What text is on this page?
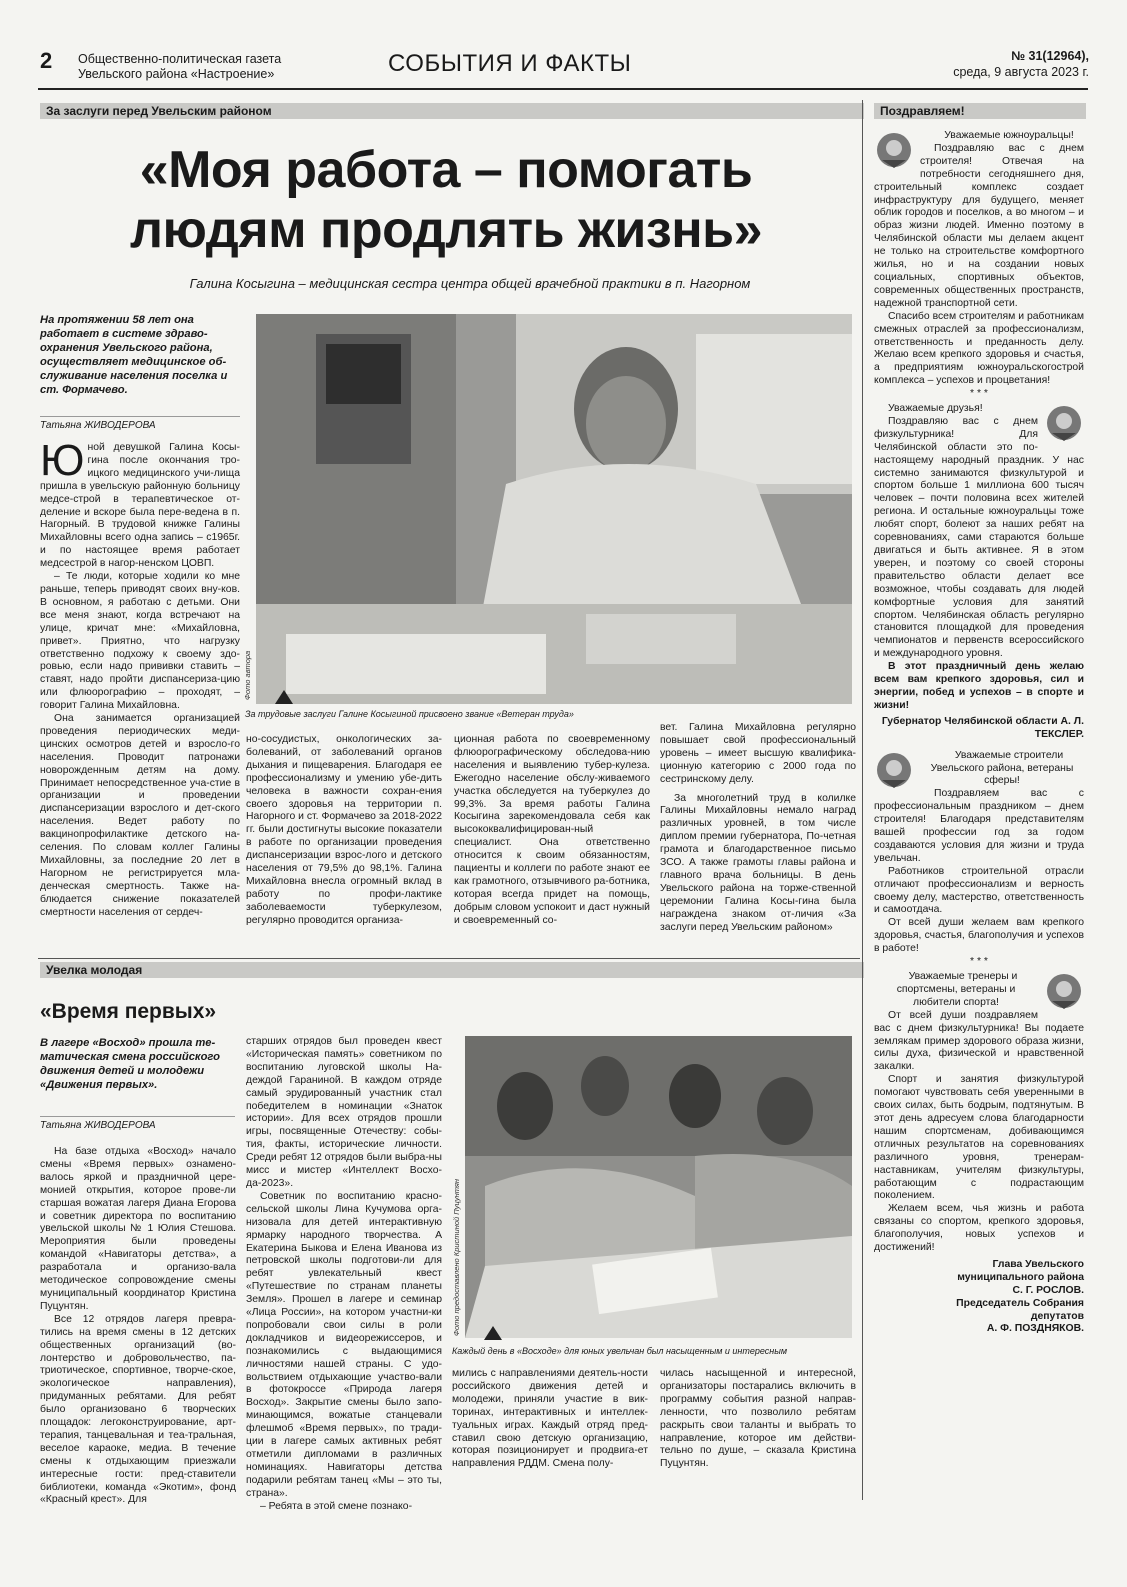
2 Общественно-политическая газета
Увельского района «Настроение»	СОБЫТИЯ И ФАКТЫ	№ 31(12964),
среда, 9 августа 2023 г.
За заслуги перед Увельским районом
«Моя работа – помогать
людям продлять жизнь»
Галина Косыгина – медицинская сестра центра общей врачебной практики в п. Нагорном
На протяжении 58 лет она работает в системе здраво-охранения Увельского района, осуществляет медицинское об-служивание населения поселка и ст. Формачево.
Татьяна ЖИВОДЕРОВА
Фото автора
За трудовые заслуги Галине Косыгиной присвоено звание «Ветеран труда»
Ю ной девушкой Галина Косы-гина после окончания тро-ицкого медицинского учи-лища пришла в увельскую районную больницу медсе-строй в терапевтическое от-деление и вскоре была пере-ведена в п. Нагорный. В трудовой книжке Галины Михайловны всего одна запись – с1965г. и по настоящее время работает медсестрой в нагор-ненском ЦОВП.

– Те люди, которые ходили ко мне раньше, теперь приводят своих вну-ков. В основном, я работаю с детьми. Они все меня знают, когда встречают на улице, кричат мне: «Михайловна, привет». Приятно, что нагрузку ответственно подхожу к своему здо-ровью, если надо прививки ставить – ставят, надо пройти диспансериза-цию или флюорографию – проходят, – говорит Галина Михайловна.

Она занимается организацией проведения периодических меди-цинских осмотров детей и взросло-го населения. Проводит патронажи новорожденным детям на дому. Принимает непосредственное уча-стие в организации и проведении диспансеризации взрослого и дет-ского населения. Ведет работу по вакцинопрофилактике детского на-селения. По словам коллег Галины Михайловны, за последние 20 лет в Нагорном не регистрируется мла-денческая смертность. Также на-блюдается снижение показателей смертности населения от сердеч-

но-сосудистых, онкологических за-болеваний, от заболеваний органов дыхания и пищеварения. Благодаря ее профессионализму и умению убе-дить человека в важности сохран-ения своего здоровья на территории п. Нагорного и ст. Формачево за 2018-2022 гг. были достигнуты высокие показатели в работе по организации проведения диспансеризации взрос-лого и детского населения от 79,5% до 98,1%. Галина Михайловна внесла огромный вклад в работу по профи-лактике заболеваемости туберкулезом, регулярно проводится организа-

ционная работа по своевременному флюорографическому обследова-нию населения и выявлению тубер-кулеза. Ежегодно население обслу-живаемого участка обследуется на туберкулез до 99,3%. За время работы Галина Косыгина зарекомендовала себя как высококвалифицирован-ный специалист. Она ответственно относится к своим обязанностям, пациенты и коллеги по работе знают ее как грамотного, отзывчивого ра-ботника, которая всегда придет на помощь, добрым словом успокоит и даст нужный и своевременный со-

вет. Галина Михайловна регулярно повышает свой профессиональный уровень – имеет высшую квалифика-ционную категорию с 2000 года по сестринскому делу.

За многолетний труд в колилке Галины Михайловны немало наград различных уровней, в том числе диплом премии губернатора, По-четная грамота и благодарственное письмо ЗСО. А также грамоты главы района и главного врача больницы. В день Увельского района на торже-ственной церемонии Галина Косы-гина была награждена знаком от-личия «За заслуги перед Увельским районом»

Увелка молодая
«Время первых»
В лагере «Восход» прошла те-матическая смена российского движения детей и молодежи «Движения первых».
Татьяна ЖИВОДЕРОВА

На базе отдыха «Восход» начало смены «Время первых» ознамено-валось яркой и праздничной цере-монией открытия, которое прове-ли старшая вожатая лагеря Диана Егорова и советник директора по воспитанию увельской школы № 1 Юлия Стешова. Мероприятия были проведены командой «Навигаторы детства», а разработала и организо-вала методическое сопровождение смены муниципальный координатор Кристина Пуцунтян.

Все 12 отрядов лагеря превра-тились на время смены в 12 детских общественных организаций (во-лонтерство и добровольчество, па-триотическое, спортивное, творче-ское, экологическое направления), придуманных ребятами. Для ребят было организовано 6 творческих площадок: легоконструирование, арт-терапия, танцевальная и теа-тральная, веселое караоке, медиа. В течение смены к отдыхающим приезжали интересные гости: пред-ставители библиотеки, команда «Экотим», фонд «Красный крест». Для

старших отрядов был проведен квест «Историческая память» советником по воспитанию луговской школы На-деждой Гараниной. В каждом отряде самый эрудированный участник стал победителем в номинации «Знаток истории». Для всех отрядов прошли игры, посвященные Отечеству: собы-тия, факты, исторические личности. Среди ребят 12 отрядов были выбра-ны мисс и мистер «Интеллект Восхо-да-2023».

Советник по воспитанию красно-сельской школы Лина Кучумова орга-низовала для детей интерактивную ярмарку народного творчества. А Екатерина Быкова и Елена Иванова из петровской школы подготови-ли для ребят увлекательный квест «Путешествие по странам планеты Земля». Прошел в лагере и семинар «Лица России», на котором участни-ки попробовали свои силы в роли докладчиков и видеорежиссеров, и познакомились с выдающимися личностями нашей страны. С удо-вольствием отдыхающие участво-вали в фотокроссе «Природа лагеря Восход». Закрытие смены было запо-минающимся, вожатые станцевали флешмоб «Время первых», по тради-ции в лагере самых активных ребят отметили дипломами в различных номинациях. Навигаторы детства подарили ребятам танец «Мы – это ты, страна».

– Ребята в этой смене познако-

Фото предоставлено Кристиной Пуцунтян
Каждый день в «Восходе» для юных увельчан был насыщенным и интересным

мились с направлениями деятель-ности российского движения детей и молодежи, приняли участие в вик-торинах, интерактивных и интеллек-туальных играх. Каждый отряд пред-ставил свою детскую организацию, которая позиционирует и продвига-ет направления РДДМ. Смена полу-

чилась насыщенной и интересной, организаторы постарались включить в программу события разной направ-ленности, что позволило ребятам раскрыть свои таланты и выбрать то направление, которое им действи-тельно по душе, – сказала Кристина Пуцунтян.

Поздравляем!

Уважаемые южноуральцы!

Поздравляю вас с днем строителя! Отвечая на потребности сегодняшнего дня, строительный комплекс создает инфраструктуру для будущего, меняет облик городов и поселков, а во многом – и образ жизни людей. Именно поэтому в Челябинской области мы делаем акцент не только на строительстве комфортного жилья, но и на создании новых социальных, спортивных объектов, современных общественных пространств, надежной транспортной сети.

Спасибо всем строителям и работникам смежных отраслей за профессионализм, ответственность и преданность делу. Желаю всем крепкого здоровья и счастья, а предприятиям южноуральскогострой комплекса – успехов и процветания!

* * *

Уважаемые друзья!

Поздравляю вас с днем физкультурника! Для Челябинской области это по-настоящему народный праздник. У нас системно занимаются физкультурой и спортом больше 1 миллиона 600 тысяч человек – почти половина всех жителей региона. И остальные южноуральцы тоже любят спорт, болеют за наших ребят на соревнованиях, сами стараются больше двигаться и быть активнее. Я в этом уверен, и поэтому со своей стороны правительство области делает все возможное, чтобы создавать для людей комфортные условия для занятий спортом. Челябинская область регулярно становится площадкой для проведения чемпионатов и первенств всероссийского и международного уровня.

В этот праздничный день желаю всем вам крепкого здоровья, сил и энергии, побед и успехов – в спорте и жизни!

Губернатор Челябинской области А. Л. ТЕКСЛЕР.

Уважаемые строители Увельского района, ветераны сферы!

Поздравляем вас с профессиональным праздником – днем строителя! Благодаря представителям вашей профессии год за годом создаваются условия для жизни и труда увельчан.

Работников строительной отрасли отличают профессионализм и верность своему делу, мастерство, ответственность и самоотдача.

От всей души желаем вам крепкого здоровья, счастья, благополучия и успехов в работе!

* * *

Уважаемые тренеры и спортсмены, ветераны и любители спорта!

От всей души поздравляем вас с днем физкультурника! Вы подаете землякам пример здорового образа жизни, силы духа, физической и нравственной закалки.

Спорт и занятия физкультурой помогают чувствовать себя уверенными в своих силах, быть бодрым, подтянутым. В этот день адресуем слова благодарности нашим спортсменам, добивающимся отличных результатов на соревнованиях различного уровня, тренерам-наставникам, учителям физкультуры, работающим с подрастающим поколением.

Желаем всем, чья жизнь и работа связаны со спортом, крепкого здоровья, благополучия, новых успехов и достижений!

Глава Увельского
муниципального района
С. Г. РОСЛОВ.
Председатель Собрания
депутатов
А. Ф. ПОЗДНЯКОВ.
